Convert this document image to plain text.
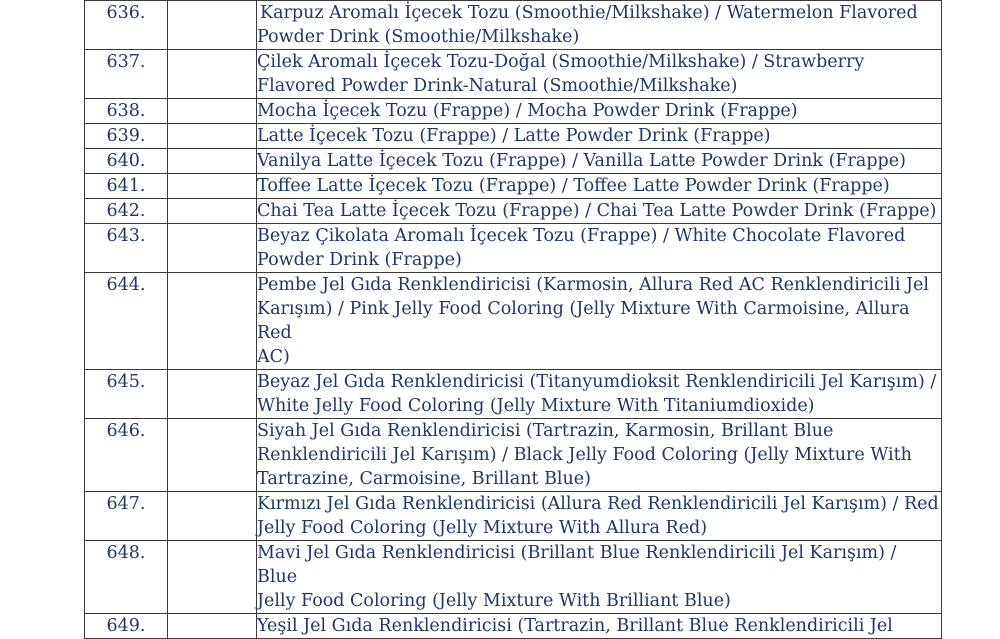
636.		Karpuz Aromalı İçecek Tozu (Smoothie/Milkshake) / Watermelon Flavored
Powder Drink (Smoothie/Milkshake)

637.		Çilek Aromalı İçecek Tozu-Doğal (Smoothie/Milkshake) / Strawberry
Flavored Powder Drink-Natural (Smoothie/Milkshake)

638.		Mocha İçecek Tozu (Frappe) / Mocha Powder Drink (Frappe)

639.		Latte İçecek Tozu (Frappe) / Latte Powder Drink (Frappe)

640.		Vanilya Latte İçecek Tozu (Frappe) / Vanilla Latte Powder Drink (Frappe)

641.		Toffee Latte İçecek Tozu (Frappe) / Toffee Latte Powder Drink (Frappe)

642.		Chai Tea Latte İçecek Tozu (Frappe) / Chai Tea Latte Powder Drink (Frappe)

643.		Beyaz Çikolata Aromalı İçecek Tozu (Frappe) / White Chocolate Flavored
Powder Drink (Frappe)

644.		Pembe Jel Gıda Renklendiricisi (Karmosin, Allura Red AC Renklendiricili Jel
Karışım) / Pink Jelly Food Coloring (Jelly Mixture With Carmoisine, Allura Red
AC)

645.		Beyaz Jel Gıda Renklendiricisi (Titanyumdioksit Renklendiricili Jel Karışım) /
White Jelly Food Coloring (Jelly Mixture With Titaniumdioxide)

646.		Siyah Jel Gıda Renklendiricisi (Tartrazin, Karmosin, Brillant Blue
Renklendiricili Jel Karışım) / Black Jelly Food Coloring (Jelly Mixture With
Tartrazine, Carmoisine, Brillant Blue)

647.		Kırmızı Jel Gıda Renklendiricisi (Allura Red Renklendiricili Jel Karışım) / Red
Jelly Food Coloring (Jelly Mixture With Allura Red)

648.		Mavi Jel Gıda Renklendiricisi (Brillant Blue Renklendiricili Jel Karışım) / Blue
Jelly Food Coloring (Jelly Mixture With Brilliant Blue)

649.		Yeşil Jel Gıda Renklendiricisi (Tartrazin, Brillant Blue Renklendiricili Jel
